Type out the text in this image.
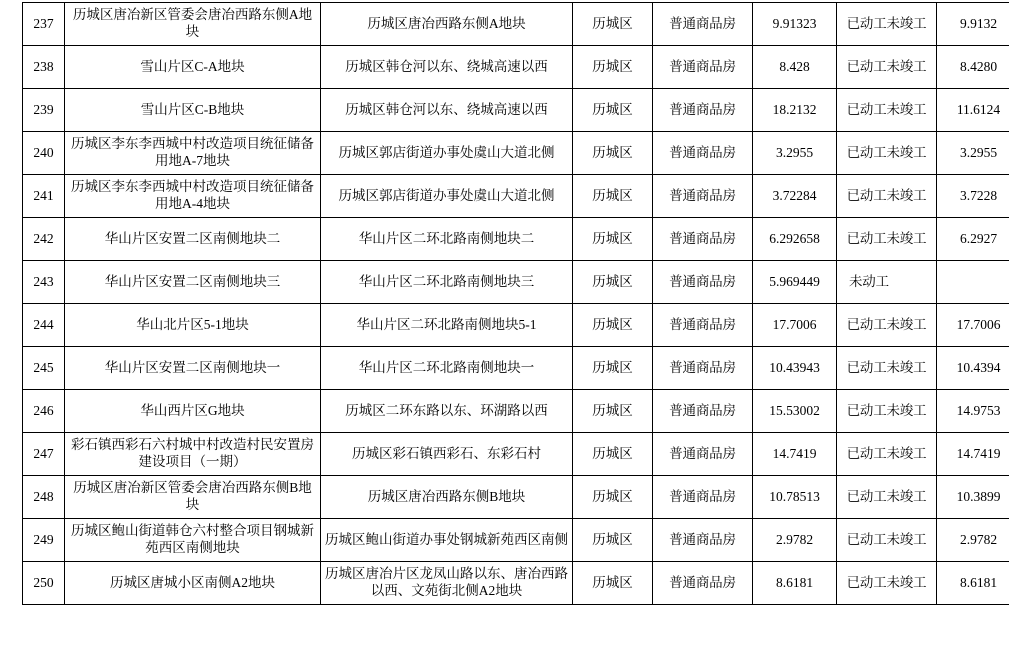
237	历城区唐冶新区管委会唐冶西路东侧A地块	历城区唐冶西路东侧A地块	历城区	普通商品房	9.91323	已动工未竣工	9.9132
238	雪山片区C-A地块	历城区韩仓河以东、绕城高速以西	历城区	普通商品房	8.428	已动工未竣工	8.4280
239	雪山片区C-B地块	历城区韩仓河以东、绕城高速以西	历城区	普通商品房	18.2132	已动工未竣工	11.6124
240	历城区李东李西城中村改造项目统征储备用地A-7地块	历城区郭店街道办事处虞山大道北侧	历城区	普通商品房	3.2955	已动工未竣工	3.2955
241	历城区李东李西城中村改造项目统征储备用地A-4地块	历城区郭店街道办事处虞山大道北侧	历城区	普通商品房	3.72284	已动工未竣工	3.7228
242	华山片区安置二区南侧地块二	华山片区二环北路南侧地块二	历城区	普通商品房	6.292658	已动工未竣工	6.2927
243	华山片区安置二区南侧地块三	华山片区二环北路南侧地块三	历城区	普通商品房	5.969449	未动工	
244	华山北片区5-1地块	华山片区二环北路南侧地块5-1	历城区	普通商品房	17.7006	已动工未竣工	17.7006
245	华山片区安置二区南侧地块一	华山片区二环北路南侧地块一	历城区	普通商品房	10.43943	已动工未竣工	10.4394
246	华山西片区G地块	历城区二环东路以东、环湖路以西	历城区	普通商品房	15.53002	已动工未竣工	14.9753
247	彩石镇西彩石六村城中村改造村民安置房建设项目（一期）	历城区彩石镇西彩石、东彩石村	历城区	普通商品房	14.7419	已动工未竣工	14.7419
248	历城区唐冶新区管委会唐冶西路东侧B地块	历城区唐冶西路东侧B地块	历城区	普通商品房	10.78513	已动工未竣工	10.3899
249	历城区鲍山街道韩仓六村整合项目钢城新苑西区南侧地块	历城区鲍山街道办事处钢城新苑西区南侧	历城区	普通商品房	2.9782	已动工未竣工	2.9782
250	历城区唐城小区南侧A2地块	历城区唐冶片区龙凤山路以东、唐冶西路以西、文苑街北侧A2地块	历城区	普通商品房	8.6181	已动工未竣工	8.6181
